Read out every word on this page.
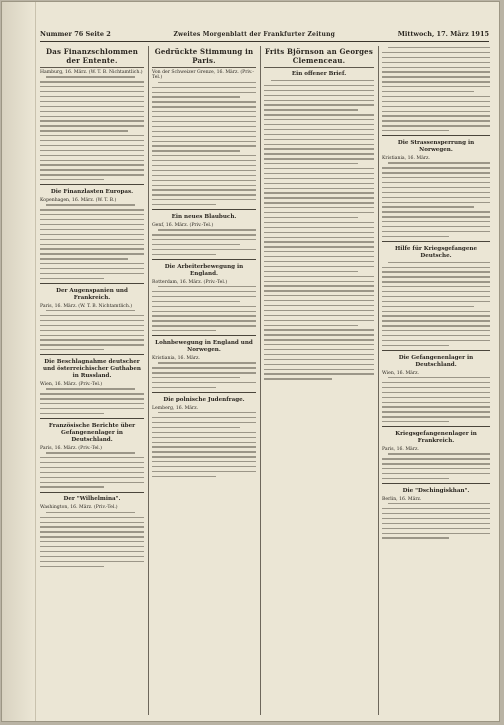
Nummer 76 Seite 2	Zweites Morgenblatt der Frankfurter Zeitung	Mittwoch, 17. März 1915
Das Finanzschlommen der Entente.
Hamburg, 16. März. (W. T. B. Nichtamtlich.)
Die Finanzlasten Europas.
Kopenhagen, 16. März. (W. T. B.)
Der Augenspanien und Frankreich.
Paris, 16. März. (W. T. B. Nichtamtlich.)
Die Beschlagnahme deutscher und österreichischer Guthaben in Russland.
Wien, 16. März. (Priv.-Tel.)
Französische Berichte über Gefangenenlager in Deutschland.
Paris, 16. März. (Priv.-Tel.)
Der "Wilhelmina".
Washington, 16. März. (Priv.-Tel.)
Gedrückte Stimmung in Paris.
Von der Schweizer Grenze, 16. März. (Priv.-Tel.)
Ein neues Blaubuch.
Genf, 16. März. (Priv.-Tel.)
Die Arbeiterbewegung in England.
Rotterdam, 16. März. (Priv.-Tel.)
Lohnbewegung in England und Norwegen.
Kristiania, 16. März.
Die polnische Judenfrage.
Lemberg, 16. März.
Frits Björnson an Georges Clemenceau.
Ein offener Brief.
Die Strassensperrung in Norwegen.
Kristiania, 16. März.
Hilfe für Kriegsgefangene Deutsche.
Die Gefangenenlager in Deutschland.
Wien, 16. März.
Kriegsgefangenenlager in Frankreich.
Paris, 16. März.
Die "Dschingiskhan".
Berlin, 16. März.
